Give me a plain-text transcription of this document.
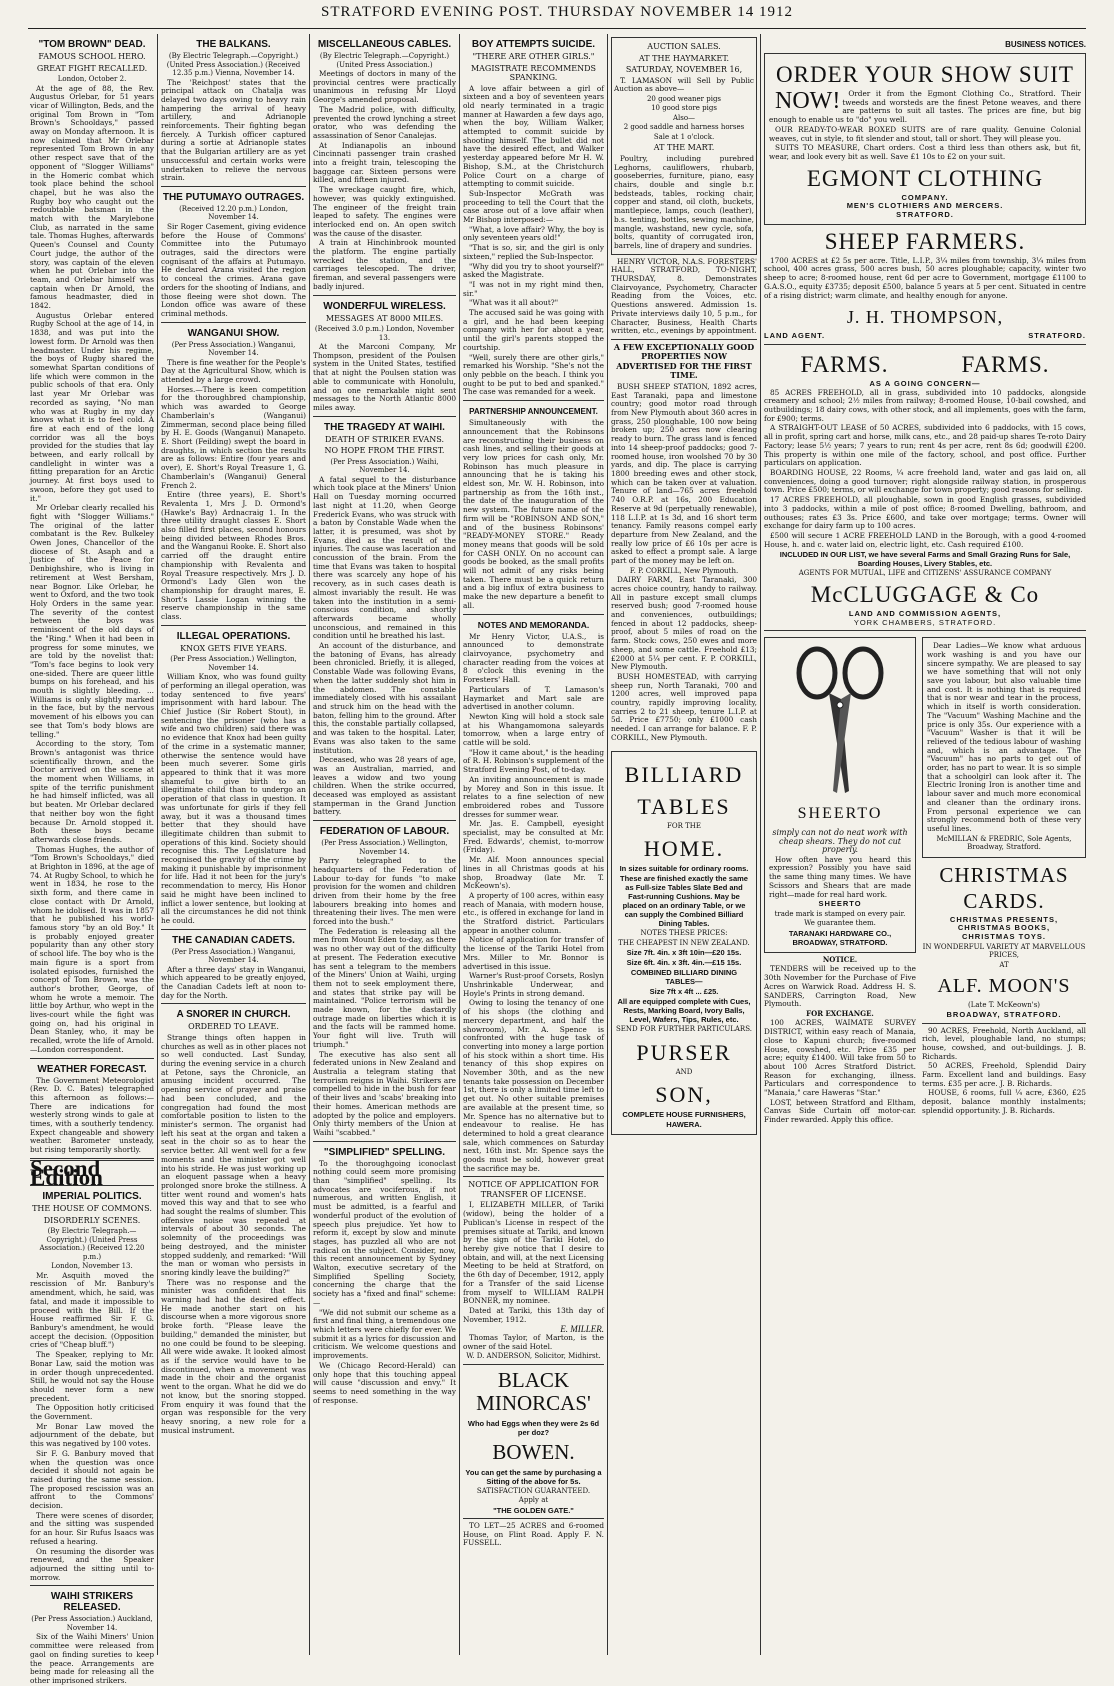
STRATFORD EVENING POST. THURSDAY NOVEMBER 14 1912
"TOM BROWN" DEAD.
FAMOUS SCHOOL HERO.
GREAT FIGHT RECALLED.
London, October 2.

At the age of 88, the Rev. Augustus Orlebar, for 51 years vicar of Willington, Beds, and the original Tom Brown in "Tom Brown's Schooldays," passed away on Monday afternoon. It is now claimed that Mr Orlebar represented Tom Brown in any other respect save that of the opponent of "Slogger Williams" in the Homeric combat which took place behind the school chapel, but he was also the Rugby boy who caught out the redoubtable batsman in the match with the Marylebone Club, as narrated in the same tale. Thomas Hughes, afterwards Queen's Counsel and County Court judge, the author of the story, was captain of the eleven when he put Orlebar into the team, and Orlebar himself was captain when Dr Arnold, the famous headmaster, died in 1842.

Augustus Orlebar entered Rugby School at the age of 14, in 1838, and was put into the lowest form. Dr Arnold was then headmaster. Under his regime, the boys of Rugby shared the somewhat Spartan conditions of life which were common in the public schools of that era. Only last year Mr Orlebar was recorded as saying, "No man who was at Rugby in my day knows what it is to feel cold. A fire at each end of the long corridor was all the boys provided for the studies that lay between, and early rollcall by candlelight in winter was a fitting preparation for an Arctic journey. At first boys used to swoon, before they got used to it."

Mr Orlebar clearly recalled his fight with "Slogger Williams." The original of the latter combatant is the Rev. Bulkeley Owen Jones, Chancellor of the diocese of St. Asaph and a Justice of the Peace for Denbighshire, who is living in retirement at West Bersham, near Bognor. Like Orlebar, he went to Oxford, and the two took Holy Orders in the same year. The severity of the contest between the boys was reminiscent of the old days of the "Ring." When it had been in progress for some minutes, we are told by the novelist that: "Tom's face begins to look very one-sided. There are queer little bumps on his forehead, and his mouth is slightly bleeding. ... Williams is only slightly marked in the face, but by the nervous movement of his elbows you can see that Tom's body blows are telling."

According to the story, Tom Brown's antagonist was thrice scientifically thrown, and the Doctor arrived on the scene at the moment when Williams, in spite of the terrific punishment he had himself inflicted, was all but beaten. Mr Orlebar declared that neither boy won the fight because Dr. Arnold stopped it. Both these boys became afterwards close friends.

Thomas Hughes, the author of "Tom Brown's Schooldays," died at Brighton in 1896, at the age of 74. At Rugby School, to which he went in 1834, he rose to the sixth form, and there came in close contact with Dr Arnold, whom he idolised. It was in 1857 that he published his world-famous story "by an old Boy." It is probably enjoyed greater popularity than any other story of school life. The boy who is the main figure is a sport from isolated episodes, furnished the concept of Tom Brown, was the author's brother, George, of whom he wrote a memoir. The little boy Arthur, who wept in the lives-court while the fight was going on, had his original in Dean Stanley, who, it may be recalled, wrote the life of Arnold.—London correspondent.

WEATHER FORECAST.

The Government Meteorologist (Rev. D. C. Bates) telegraphed this afternoon as follows:— There are indications for westerly strong winds to gale at times, with a southerly tendency. Expect changeable and showery weather. Barometer unsteady, but rising temporarily shortly.

Second Edition
IMPERIAL POLITICS.
THE HOUSE OF COMMONS.
DISORDERLY SCENES.
(By Electric Telegraph.—Copyright.) (United Press Association.) (Received 12.20 p.m.)
London, November 13.

Mr. Asquith moved the rescission of Mr. Banbury's amendment, which, he said, was fatal, and made it impossible to proceed with the Bill. If the House reaffirmed Sir F. G. Banbury's amendment, he would accept the decision. (Opposition cries of "Cheap bluff.")

The Speaker, replying to Mr. Bonar Law, said the motion was in order though unprecedented. Still, he would not say the House should never form a new precedent.

The Opposition hotly criticised the Government.

Mr Bonar Law moved the adjournment of the debate, but this was negatived by 100 votes.

Sir F. G. Banbury moved that when the question was once decided it should not again be raised during the same session. The proposed rescission was an affront to the Commons' decision.

There were scenes of disorder, and the sitting was suspended for an hour. Sir Rufus Isaacs was refused a hearing.

On resuming the disorder was renewed, and the Speaker adjourned the sitting until to-morrow.

WAIHI STRIKERS RELEASED.
(Per Press Association.) Auckland, November 14.

Six of the Waihi Miners' Union committee were released from gaol on finding sureties to keep the peace. Arrangements are being made for releasing all the other imprisoned strikers.

THE BALKANS.
(By Electric Telegraph.—Copyright.) (United Press Association.) (Received 12.35 p.m.) Vienna, November 14.

The 'Reichpost' states that the principal attack on Chatalja was delayed two days owing to heavy rain hampering the arrival of heavy artillery, and Adrianople reinforcements. Their fighting began fiercely. A Turkish officer captured during a sortie at Adrianople states that the Bulgarian artillery are as yet unsuccessful and certain works were undertaken to relieve the nervous strain.

THE PUTUMAYO OUTRAGES.
(Received 12.20 p.m.) London, November 14.

Sir Roger Casement, giving evidence before the House of Commons' Committee into the Putumayo outrages, said the directors were cognisant of the affairs at Putumayo. He declared Arana visited the region to conceal the crimes. Arana gave orders for the shooting of Indians, and those fleeing were shot down. The London office was aware of these criminal methods.

WANGANUI SHOW.
(Per Press Association.) Wanganui, November 14.

There is fine weather for the People's Day at the Agricultural Show, which is attended by a large crowd.

Horses.—There is keen competition for the thoroughbred championship, which was awarded to George Chamberlain's (Wanganui) Zimmerman, second place being filled by H. E. Goods (Wanganui) Manapeto. E. Short (Feilding) swept the board in draughts, in which section the results are as follows: Entire (four years and over), E. Short's Royal Treasure 1, G. Chamberlain's (Wanganui) General French 2.

Entire (three years), E. Short's Revalenta 1, Mrs J. D. Ormond's (Hawke's Bay) Ardnacraig 1. In the three utility draught classes E. Short also filled first places, second honours being divided between Rhodes Bros. and the Wanganui Rooke. E. Short also carried off the draught entire championship with Revalenta and Royal Treasure respectively. Mrs J. D. Ormond's Lady Glen won the championship for draught mares, E. Short's Lassie Logan winning the reserve championship in the same class.

ILLEGAL OPERATIONS.
KNOX GETS FIVE YEARS.
(Per Press Association.) Wellington, November 14.

William Knox, who was found guilty of performing an illegal operation, was today sentenced to five years' imprisonment with hard labour. The Chief Justice (Sir Robert Stout), in sentencing the prisoner (who has a wife and two children) said there was no evidence that Knox had been guilty of the crime in a systematic manner, otherwise the sentence would have been much severer. Some girls appeared to think that it was more shameful to give birth to an illegitimate child than to undergo an operation of that class in question. It was unfortunate for girls if they fell away, but it was a thousand times better that they should have illegitimate children than submit to operations of this kind. Society should recognise this. The Legislature had recognised the gravity of the crime by making it punishable by imprisonment for life. Had it not been for the jury's recommendation to mercy, His Honor said he might have been inclined to inflict a lower sentence, but looking at all the circumstances he did not think he could.

THE CANADIAN CADETS.
(Per Press Association.) Wanganui, November 14.

After a three days' stay in Wanganui, which appeared to be greatly enjoyed, the Canadian Cadets left at noon to-day for the North.

A SNORER IN CHURCH.
ORDERED TO LEAVE.

Strange things often happen in churches as well as in other places not so well conducted. Last Sunday, during the evening service in a church at Petone, says the Chronicle, an amusing incident occurred. The opening service of prayer and praise had been concluded, and the congregation had found the most comfortable position to listen to the minister's sermon. The organist had left his seat at the organ and taken a seat in the choir so as to hear the service better. All went well for a few moments and the minister got well into his stride. He was just working up an eloquent passage when a heavy prolonged snore broke the stillness. A titter went round and women's hats moved this way and that to see who had sought the realms of slumber. This offensive noise was repeated at intervals of about 30 seconds. The solemnity of the proceedings was being destroyed, and the minister stopped suddenly, and remarked: "Will the man or woman who persists in snoring kindly leave the building?"

There was no response and the minister was confident that his warning had had the desired effect. He made another start on his discourse when a more vigorous snore broke forth. "Please leave the building," demanded the minister, but no one could be found to be sleeping. All were wide awake. It looked almost as if the service would have to be discontinued, when a movement was made in the choir and the organist went to the organ. What he did we do not know, but the snoring stopped. From enquiry it was found that the organ was responsible for the very heavy snoring, a new role for a musical instrument.

MISCELLANEOUS CABLES.
(By Electric Telegraph.—Copyright.) (United Press Association.)

Meetings of doctors in many of the provincial centres were practically unanimous in refusing Mr Lloyd George's amended proposal.

The Madrid police, with difficulty, prevented the crowd lynching a street orator, who was defending the assassination of Senor Canalejas.

At Indianapolis an inbound Cincinnati passenger train crashed into a freight train, telescoping the baggage car. Sixteen persons were killed, and fifteen injured.

The wreckage caught fire, which, however, was quickly extinguished. The engineer of the freight train leaped to safety. The engines were interlocked end on. An open switch was the cause of the disaster.

A train at Hinchinbrook mounted the platform. The engine partially wrecked the station, and the carriages telescoped. The driver, fireman, and several passengers were badly injured.

WONDERFUL WIRELESS.
MESSAGES AT 8000 MILES.
(Received 3.0 p.m.) London, November 13.

At the Marconi Company, Mr Thompson, president of the Poulsen system in the United States, testified that at night the Poulsen station was able to communicate with Honolulu, and on one remarkable night sent messages to the North Atlantic 8000 miles away.

THE TRAGEDY AT WAIHI.
DEATH OF STRIKER EVANS.
NO HOPE FROM THE FIRST.
(Per Press Association.) Waihi, November 14.

A fatal sequel to the disturbance which took place at the Miners' Union Hall on Tuesday morning occurred last night at 11.20, when George Frederick Evans, who was struck with a baton by Constable Wade when the latter, it is presumed, was shot by Evans, died as the result of the injuries. The cause was laceration and concussion of the brain. From the time that Evans was taken to hospital there was scarcely any hope of his recovery, as in such cases death is almost invariably the result. He was taken into the institution in a semi-conscious condition, and shortly afterwards became wholly unconscious, and remained in this condition until he breathed his last.

An account of the disturbance, and the batoning of Evans, has already been chronicled. Briefly, it is alleged, Constable Wade was following Evans, when the latter suddenly shot him in the abdomen. The constable immediately closed with his assailant and struck him on the head with the baton, felling him to the ground. After this, the constable partially collapsed, and was taken to the hospital. Later, Evans was also taken to the same institution.

Deceased, who was 28 years of age, was an Australian, married, and leaves a widow and two young children. When the strike occurred, deceased was employed as assistant stamperman in the Grand Junction battery.

FEDERATION OF LABOUR.
(Per Press Association.) Wellington, November 14.

Parry telegraphed to the headquarters of the Federation of Labour to-day for funds "to make provision for the women and children driven from their home by the free labourers breaking into homes and threatening their lives. The men were forced into the bush."

The Federation is releasing all the men from Mount Eden to-day, as there was no other way out of the difficulty at present. The Federation executive has sent a telegram to the members of the Miners' Union at Waihi, urging them not to seek employment there, and states that strike pay will be maintained. "Police terrorism will be made known, for the dastardly outrage made on liberties which it is and the facts will be rammed home. Your fight will live. Truth will triumph."

The executive has also sent all federated unions in New Zealand and Australia a telegram stating that terrorism reigns in Waihi. Strikers are compelled to hide in the bush for fear of their lives and 'scabs' breaking into their homes. American methods are adopted by the police and employers. Only thirty members of the Union at Waihi "scabbed."

"SIMPLIFIED" SPELLING.

To the thoroughgoing iconoclast nothing could seem more promising than "simplified" spelling. Its advocates are vociferous, if not numerous, and written English, it must be admitted, is a fearful and wonderful product of the evolution of speech plus prejudice. Yet how to reform it, except by slow and minute stages, has puzzled all who are not radical on the subject. Consider, now, this recent announcement by Sydney Walton, executive secretary of the Simplified Spelling Society, concerning the charge that the society has a "fixed and final" scheme:—

"We did not submit our scheme as a first and final thing, a tremendous one which letters were chiefly for ever. We submit it as a lyrics for discussion and criticism. We welcome questions and improvements.

We (Chicago Record-Herald) can only hope that this touching appeal will cause "discussion and envy." It seems to need something in the way of response.

BOY ATTEMPTS SUICIDE.
"THERE ARE OTHER GIRLS."
MAGISTRATE RECOMMENDS SPANKING.

A love affair between a girl of sixteen and a boy of seventeen years old nearly terminated in a tragic manner at Hawarden a few days ago, when the boy, William Walker, attempted to commit suicide by shooting himself. The bullet did not have the desired effect, and Walker yesterday appeared before Mr H. W. Bishop, S.M., at the Christchurch Police Court on a charge of attempting to commit suicide.

Sub-Inspector McGrath was proceeding to tell the Court that the case arose out of a love affair when Mr Bishop interposed:—

"What, a love affair? Why, the boy is only seventeen years old!"

"That is so, sir, and the girl is only sixteen," replied the Sub-Inspector.

"Why did you try to shoot yourself?" asked the Magistrate.

"I was not in my right mind then, sir."

"What was it all about?"

The accused said he was going with a girl, and he had been keeping company with her for about a year, until the girl's parents stopped the courtship.

"Well, surely there are other girls," remarked his Worship. "She's not the only pebble on the beach. I think you ought to be put to bed and spanked." The case was remanded for a week.

PARTNERSHIP ANNOUNCEMENT.

Simultaneously with the announcement that the Robinsons are reconstructing their business on cash lines, and selling their goods at very low prices for cash only, Mr. Robinson has much pleasure in announcing that he is taking his eldest son, Mr. W. H. Robinson, into partnership as from the 16th inst., the date of the inauguration of the new system. The future name of the firm will be "ROBINSON AND SON," and of the business Robinsons' "READY-MONEY STORE." Ready money means that goods will be sold for CASH ONLY. On no account can goods be booked, as the small profits will not admit of any risks being taken. There must be a quick return and a big influx of extra business to make the new departure a benefit to all.

NOTES AND MEMORANDA.

Mr Henry Victor, U.A.S., is announced to demonstrate clairvoyance, psychometry and character reading from the voices at 8 o'clock this evening in the Foresters' Hall.

Particulars of T. Lamason's Haymarket and Mart sale are advertised in another column.

Newton King will hold a stock sale at his Whangamomona saleyards tomorrow, when a large entry of cattle will be sold.

"How it came about," is the heading of R. H. Robinson's supplement of the Stratford Evening Post, of to-day.

An inviting announcement is made by Morey and Son in this issue. It relates to a fine selection of new embroidered robes and Tussore dresses for summer wear.

Mr. Jas. E. Campbell, eyesight specialist, may be consulted at Mr. Fred. Edwards', chemist, to-morrow (Friday).

Mr. Alf. Moon announces special lines in all Christmas goods at his shop, Broadway (late Mr. T. McKeown's).

A property of 100 acres, within easy reach of Manaia, with modern house, etc., is offered in exchange for land in the Stratford district. Particulars appear in another column.

Notice of application for transfer of the license of the Tariki Hotel from Mrs. Miller to Mr. Bonnor is advertised in this issue.

Warner's Rust-proof Corsets, Roslyn Unshrinkable Underwear, and Hoyle's Prints in strong demand.

Owing to losing the tenancy of one of his shops (the clothing and mercery department, and half the showroom), Mr. A. Spence is confronted with the huge task of converting into money a large portion of his stock within a short time. His tenancy of this shop expires on November 30th, and as the new tenants take possession on December 1st, there is only a limited time left to get out. No other suitable premises are available at the present time, so Mr. Spence has no alternative but to endeavour to realise. He has determined to hold a great clearance sale, which commences on Saturday next, 16th inst. Mr. Spence says the goods must be sold, however great the sacrifice may be.

NOTICE OF APPLICATION FOR TRANSFER OF LICENSE.

I, ELIZABETH MILLER, of Tariki (widow), being the holder of a Publican's License in respect of the premises situate at Tariki, and known by the sign of the Tariki Hotel, do hereby give notice that I desire to obtain, and will, at the next Licensing Meeting to be held at Stratford, on the 6th day of December, 1912, apply for a Transfer of the said License from myself to WILLIAM RALPH BONNER, my nominee.

Dated at Tariki, this 13th day of November, 1912.

E. MILLER.

Thomas Taylor, of Marton, is the owner of the said Hotel.

W. D. ANDERSON, Solicitor, Midhirst.
BLACK MINORCAS'
Who had Eggs when they were 2s 6d per doz?
BOWEN.
You can get the same by purchasing a Sitting of the above for 5s.
SATISFACTION GUARANTEED.
Apply at
"THE GOLDEN GATE."

TO LET—25 ACRES and 6-roomed House, on Flint Road. Apply F. N. FUSSELL.

AUCTION SALES.
AT THE HAYMARKET.
SATURDAY, NOVEMBER 16,

T. LAMASON will Sell by Public Auction as above—

20 good weaner pigs
10 good store pigs
Also—
2 good saddle and harness horses
Sale at 1 o'clock.
AT THE MART.

Poultry, including purebred Leghorns, cauliflowers, rhubarb, gooseberries, furniture, piano, easy chairs, double and single b.r. bedsteads, tables, rocking chair, copper and stand, oil cloth, buckets, mantlepiece, lamps, couch (leather), b.s. tenting, bottles, sewing machine, mangle, washstand, new cycle, sofa, bolts, quantity of corrugated iron, barrels, line of drapery and sundries.

HENRY VICTOR, N.A.S. FORESTERS' HALL, STRATFORD, TO-NIGHT, THURSDAY, 8. Demonstrates Clairvoyance, Psychometry, Character Reading from the Voices, etc. Questions answered. Admission 1s. Private interviews daily 10, 5 p.m., for Character, Business, Health Charts written, etc., evenings by appointment.

A FEW EXCEPTIONALLY GOOD PROPERTIES NOW ADVERTISED FOR THE FIRST TIME.

BUSH SHEEP STATION, 1892 acres, East Taranaki, papa and limestone country; good motor road through from New Plymouth about 360 acres in grass, 250 ploughable, 100 now being broken up; 250 acres now clearing ready to burn. The grass land is fenced into 14 sheep-proof paddocks; good 7-roomed house, iron woolshed 70 by 30 yards, and dip. The place is carrying 1800 breeding ewes and other stock, which can be taken over at valuation. Tenure of land—765 acres freehold 740 O.R.P. at 16s, 200 Education Reserve at 9d (perpetually renewable), 118 L.I.P. at 1s 3d, and 16 short term tenancy. Family reasons compel early departure from New Zealand, and the really low price of £6 10s per acre is asked to effect a prompt sale. A large part of the money may be left on.

F. P. CORKILL, New Plymouth.

DAIRY FARM, East Taranaki, 300 acres choice country, handy to railway. All in pasture except small clumps reserved bush; good 7-roomed house and conveniences, outbuildings; fenced in about 12 paddocks, sheep-proof, about 5 miles of road on the farm. Stock: cows, 250 ewes and more sheep, and some cattle. Freehold £13; £2000 at 5¼ per cent. F. P. CORKILL, New Plymouth.

BUSH HOMESTEAD, with carrying sheep run, North Taranaki, 700 and 1200 acres, well improved papa country, rapidly improving locality, carries 2 to 21 sheep, tenure L.I.P. at 5d. Price £7750; only £1000 cash needed. I can arrange for balance. F. P. CORKILL, New Plymouth.

BILLIARD
TABLES
FOR THE
HOME.
In sizes suitable for ordinary rooms.
These are finished exactly the same as Full-size Tables Slate Bed and Fast-running Cushions. May be placed on an ordinary Table, or we can supply the Combined Billiard Dining Tables.
NOTES THESE PRICES:
THE CHEAPEST IN NEW ZEALAND.
Size 7ft. 4in. x 3ft 10in—£20 15s.
Size 6ft. 4in. x 3ft. 4in.—£15 15s.
COMBINED BILLIARD DINING TABLES—
Size 7ft x 4ft ... £25.
All are equipped complete with Cues, Rests, Marking Board, Ivory Balls, Level, Wafers, Tips, Rules, etc.
SEND FOR FURTHER PARTICULARS.
PURSER
AND
SON,
COMPLETE HOUSE FURNISHERS,
HAWERA.
BUSINESS NOTICES.
ORDER YOUR SHOW SUIT

NOW! Order it from the Egmont Clothing Co., Stratford. Their tweeds and worsteds are the finest Petone weaves, and there are patterns to suit all tastes. The prices are fine, but big enough to enable us to "do" you well.

OUR READY-TO-WEAR BOXED SUITS are of rare quality. Genuine Colonial weaves, cut in style, to fit slender and stout, tall or short. They will please you.

SUITS TO MEASURE, Chart orders. Cost a third less than others ask, but fit, wear, and look every bit as well. Save £1 10s to £2 on your suit.

EGMONT CLOTHING
COMPANY.
MEN'S CLOTHIERS AND MERCERS.
STRATFORD.
SHEEP FARMERS.

1700 ACRES at £2 5s per acre. Title, L.I.P., 3¼ miles from township, 3¼ miles from school, 400 acres grass, 500 acres bush, 50 acres ploughable; capacity, winter two sheep to acre; 8-roomed house, rent 6d per acre to Government, mortgage £1100 to G.A.S.O., equity £3735; deposit £500, balance 5 years at 5 per cent. Situated in centre of a rising district; warm climate, and healthy enough for anyone.

J. H. THOMPSON,
LAND AGENT.	STRATFORD.
FARMS.	FARMS.
AS A GOING CONCERN—

85 ACRES FREEHOLD, all in grass, subdivided into 10 paddocks, alongside creamery and school; 2½ miles from railway; 8-roomed House, 10-bail cowshed, and outbuildings; 18 dairy cows, with other stock, and all implements, goes with the farm, for £900; terms.

A STRAIGHT-OUT LEASE of 50 ACRES, subdivided into 6 paddocks, with 15 cows, all in profit, spring cart and horse, milk cans, etc., and 28 paid-up shares Te-roto Dairy Factory; lease 5½ years; 7 years to run; rent 4s per acre, rent 8s 6d; goodwill £200. This property is within one mile of the factory, school, and post office. Further particulars on application.

BOARDING HOUSE, 22 Rooms, ¼ acre freehold land, water and gas laid on, all conveniences, doing a good turnover; right alongside railway station, in prosperous town. Price £500; terms, or will exchange for town property; good reasons for selling.

17 ACRES FREEHOLD, all ploughable, sown in good English grasses, subdivided into 3 paddocks, within a mile of post office; 8-roomed Dwelling, bathroom, and outhouses; rates £3 3s. Price £600, and take over mortgage; terms. Owner will exchange for dairy farm up to 100 acres.

£500 will secure 1 ACRE FREEHOLD LAND in the Borough, with a good 4-roomed House, h. and c. water laid on, electric light, etc. Cash required £100.

INCLUDED IN OUR LIST, we have several Farms and Small Grazing Runs for Sale, Boarding Houses, Livery Stables, etc.
AGENTS FOR MUTUAL, LIFE and CITIZENS' ASSURANCE COMPANY
McCLUGGAGE & Co
LAND AND COMMISSION AGENTS,
YORK CHAMBERS, STRATFORD.
SHEERTO
simply can not do neat work with cheap shears. They do not cut properly.

How often have you heard this expression? Possibly you have said the same thing many times. We have Scissors and Shears that are made right—made for real hard work.

SHEERTO
trade mark is stamped on every pair.
We guarantee them.
TARANAKI HARDWARE CO., BROADWAY, STRATFORD.
NOTICE.

TENDERS will be received up to the 30th November for the Purchase of Five Acres on Warwick Road. Address H. S. SANDERS, Carrington Road, New Plymouth.

FOR EXCHANGE.

100 ACRES, WAIMATE SURVEY DISTRICT, within easy reach of Manaia, close to Kapuni church; five-roomed House, cowshed, etc. Price £35 per acre; equity £1400. Will take from 50 to about 100 Acres Stratford District. Reason for exchanging, illness. Particulars and correspondence to "Manaia," care Haweras "Star."

LOST, between Stratford and Eltham, Canvas Side Curtain off motor-car. Finder rewarded. Apply this office.

Dear Ladies—We know what arduous work washing is and you have our sincere sympathy. We are pleased to say we have something that will not only save you labour, but also valuable time and cost. It is nothing that is required that is nor wear and tear in the process, which in itself is worth consideration. The "Vacuum" Washing Machine and the price is only 35s. Our experience with a "Vacuum" Washer is that it will be relieved of the tedious labour of washing and, which is an advantage. The "Vacuum" has no parts to get out of order, has no part to wear. It is so simple that a schoolgirl can look after it. The Electric Ironing Iron is another time and labour saver and much more economical and cleaner than the ordinary irons. From personal experience we can strongly recommend both of these very useful lines.

McMILLAN & FREDRIC, Sole Agents, Broadway, Stratford.
CHRISTMAS CARDS.
CHRISTMAS PRESENTS,
CHRISTMAS BOOKS,
CHRISTMAS TOYS.
IN WONDERFUL VARIETY AT MARVELLOUS PRICES,
AT
ALF. MOON'S
(Late T. McKeown's)
BROADWAY, STRATFORD.

90 ACRES, Freehold, North Auckland, all rich, level, ploughable land, no stumps; house, cowshed, and out-buildings. J. B. Richards.

50 ACRES, Freehold, Splendid Dairy Farm. Excellent land and buildings. Easy terms. £35 per acre. J. B. Richards.

HOUSE, 6 rooms, full ¼ acre, £360, £25 deposit, balance monthly instalments; splendid opportunity. J. B. Richards.
